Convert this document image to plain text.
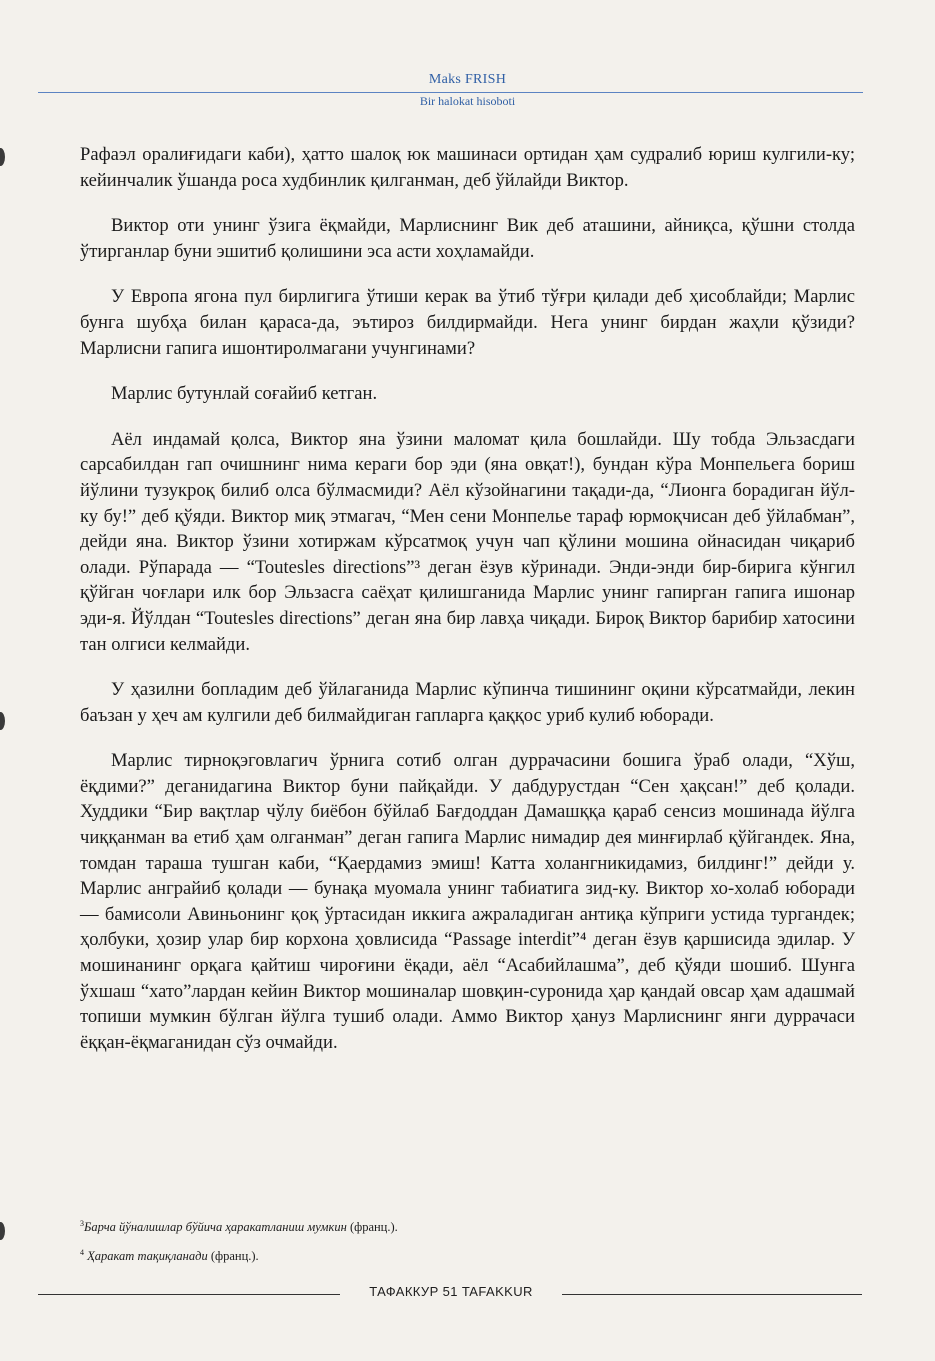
Maks FRISH
Bir halokat hisoboti

Рафаэл оралиғидаги каби), ҳатто шалоқ юк машинаси ортидан ҳам судралиб юриш кулгили-ку; кейинчалик ўшанда роса худбинлик қилганман, деб ўйлайди Виктор.

Виктор оти унинг ўзига ёқмайди, Марлиснинг Вик деб аташини, айниқса, қўшни столда ўтирганлар буни эшитиб қолишини эса асти хоҳламайди.

У Европа ягона пул бирлигига ўтиши керак ва ўтиб тўғри қилади деб ҳисоблайди; Марлис бунга шубҳа билан қараса-да, эътироз билдирмайди. Нега унинг бирдан жаҳли қўзиди? Марлисни гапига ишонтиролмагани учунгинами?

Марлис бутунлай соғайиб кетган.

Аёл индамай қолса, Виктор яна ўзини маломат қила бошлайди. Шу тобда Эльзасдаги сарсабилдан гап очишнинг нима кераги бор эди (яна овқат!), бундан кўра Монпельега бориш йўлини тузукроқ билиб олса бўлмасмиди? Аёл кўзойнагини тақади-да, “Лионга борадиган йўл-ку бу!” деб қўяди. Виктор миқ этмагач, “Мен сени Монпелье тараф юрмоқчисан деб ўйлабман”, дейди яна. Виктор ўзини хотиржам кўрсатмоқ учун чап қўлини мошина ойнасидан чиқариб олади. Рўпарада — “Toutesles directions”³ деган ёзув кўринади. Энди-энди бир-бирига кўнгил қўйган чоғлари илк бор Эльзасга саёҳат қилишганида Марлис унинг гапирган гапига ишонар эди-я. Йўлдан “Toutesles directions” деган яна бир лавҳа чиқади. Бироқ Виктор барибир хатосини тан олгиси келмайди.

У ҳазилни бопладим деб ўйлаганида Марлис кўпинча тишининг оқини кўрсатмайди, лекин баъзан у ҳеч ам кулгили деб билмайдиган гапларга қаққос уриб кулиб юборади.

Марлис тирноқэговлагич ўрнига сотиб олган дуррачасини бошига ўраб олади, “Хўш, ёқдими?” деганидагина Виктор буни пайқайди. У дабдурустдан “Сен ҳақсан!” деб қолади. Худдики “Бир вақтлар чўлу биёбон бўйлаб Бағдоддан Дамашққа қараб сенсиз мошинада йўлга чиққанман ва етиб ҳам олганман” деган гапига Марлис нимадир дея минғирлаб қўйгандек. Яна, томдан тараша тушган каби, “Қаердамиз эмиш! Катта холангникидамиз, билдинг!” дейди у. Марлис анграйиб қолади — бунақа муомала унинг табиатига зид-ку. Виктор хо-холаб юборади — бамисоли Авиньонинг қоқ ўртасидан иккига ажраладиган антиқа кўприги устида тургандек; ҳолбуки, ҳозир улар бир корхона ҳовлисида “Passage interdit”⁴ деган ёзув қаршисида эдилар. У мошинанинг орқага қайтиш чироғини ёқади, аёл “Асабийлашма”, деб қўяди шошиб. Шунга ўхшаш “хато”лардан кейин Виктор мошиналар шовқин-суронида ҳар қандай овсар ҳам адашмай топиши мумкин бўлган йўлга тушиб олади. Аммо Виктор ҳануз Марлиснинг янги дуррачаси ёққан-ёқмаганидан сўз очмайди.

$^3$Барча йўналишлар бўйича ҳаракатланиш мумкин (франц.).
$^4$ Ҳаракат тақиқланади (франц.).
ТАФАККУР 51 TAFAKKUR
